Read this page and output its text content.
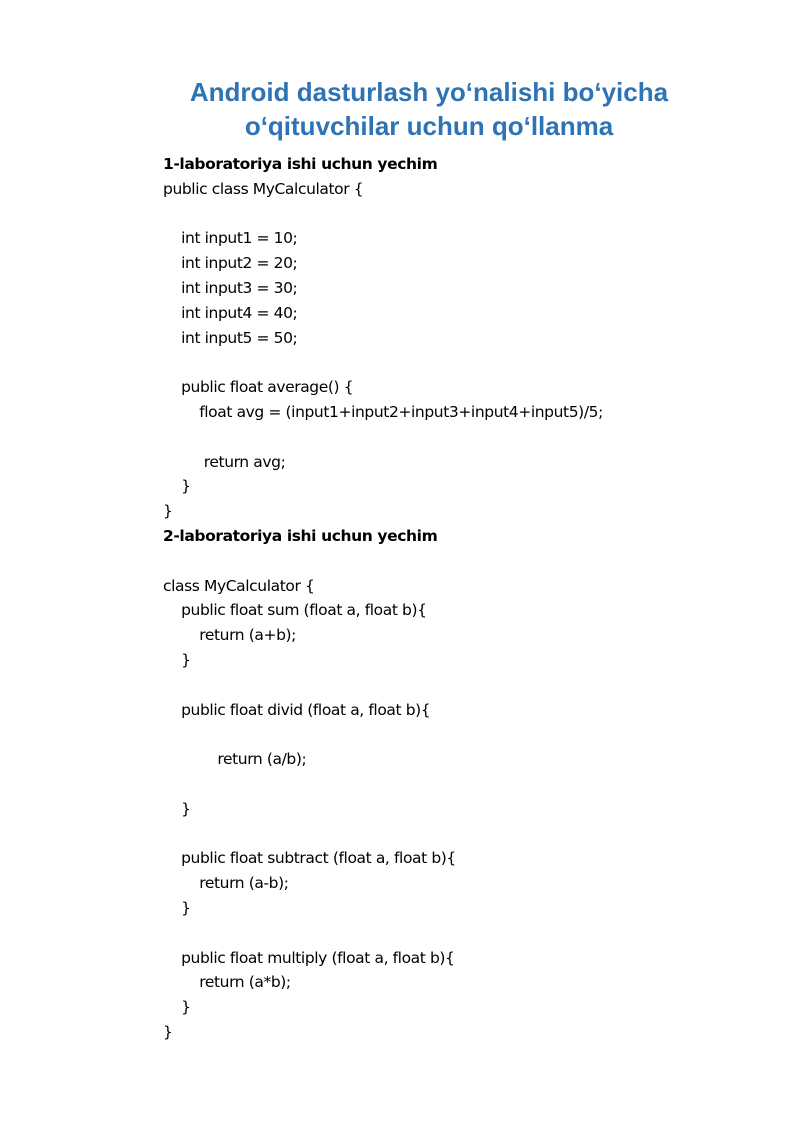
Android dasturlash yo‘nalishi bo‘yicha
o‘qituvchilar uchun qo‘llanma
1-laboratoriya ishi uchun yechim
public class MyCalculator {
int input1 = 10;
int input2 = 20;
int input3 = 30;
int input4 = 40;
int input5 = 50;
public float average() {
float avg = (input1+input2+input3+input4+input5)/5;
return avg;
}
}
2-laboratoriya ishi uchun yechim
class MyCalculator {
public float sum (float a, float b){
return (a+b);
}
public float divid (float a, float b){
return (a/b);
}
public float subtract (float a, float b){
return (a-b);
}
public float multiply (float a, float b){
return (a*b);
}
}
